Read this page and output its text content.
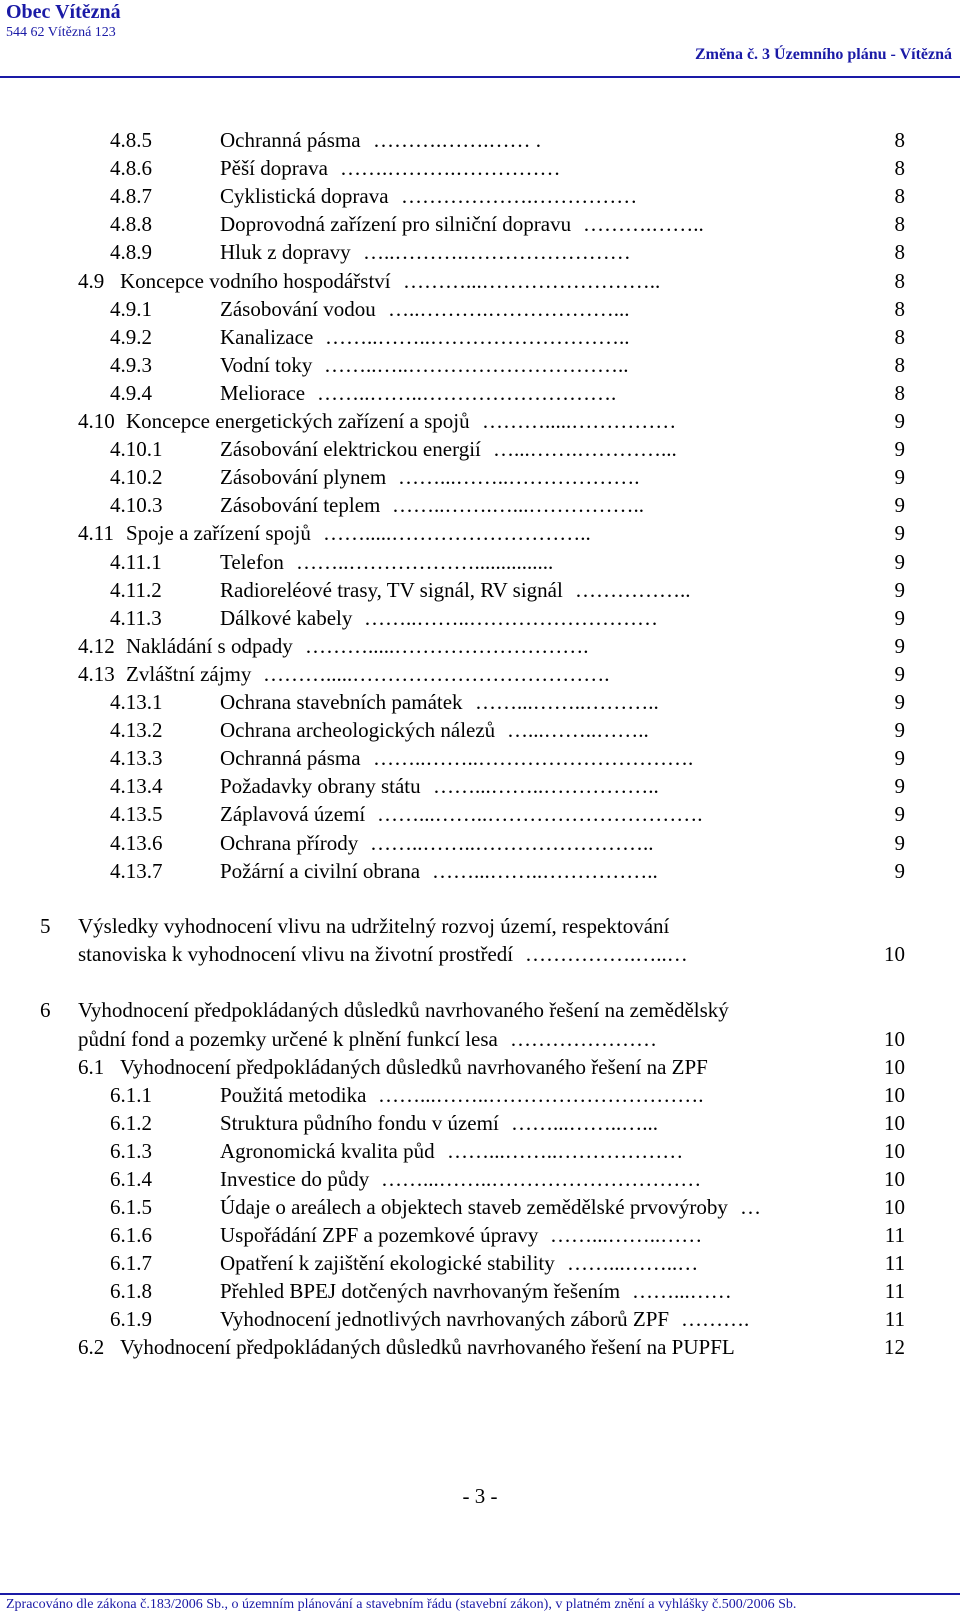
Obec Vítězná
544 62 Vítězná 123
Změna č. 3 Územního plánu - Vítězná
4.8.5	Ochranná pásma ……….…….…… .	8
4.8.6	Pěší doprava …….……….……………	8
4.8.7	Cyklistická doprava ……………….……………	8
4.8.8	Doprovodná zařízení pro silniční dopravu ……….……..	8
4.8.9	Hluk z dopravy …..……….……………………	8
4.9 Koncepce vodního hospodářství ………...……………………..	8
4.9.1	Zásobování vodou …..……….………………...	8
4.9.2	Kanalizace ……..……..………………………..	8
4.9.3	Vodní toky ……..…..…………………………..	8
4.9.4	Meliorace ……..……..……………………….	8
4.10 Koncepce energetických zařízení a spojů ……….....……………	9
4.10.1	Zásobování elektrickou energií …...…….…………...	9
4.10.2	Zásobování plynem ……...……..……………….	9
4.10.3	Zásobování teplem ……..…….…...……………..	9
4.11 Spoje a zařízení spojů …….....………………………..	9
4.11.1	Telefon ……..………………...............	9
4.11.2	Radioreléové trasy, TV signál, RV signál ……………..	9
4.11.3	Dálkové kabely ……..……..………………………	9
4.12 Nakládání s odpady ……….....……………………….	9
4.13 Zvláštní zájmy ……….....……………………………….	9
4.13.1	Ochrana stavebních památek ……...……..………..	9
4.13.2	Ochrana archeologických nálezů …...……..……..	9
4.13.3	Ochranná pásma ……..……..………………………….	9
4.13.4	Požadavky obrany státu ……...……..……………..	9
4.13.5	Záplavová území ……...……..………………………….	9
4.13.6	Ochrana přírody ……..……..……………………..	9
4.13.7	Požární a civilní obrana ……...……..……………..	9
5 Výsledky vyhodnocení vlivu na udržitelný rozvoj území, respektování
stanoviska k vyhodnocení vlivu na životní prostředí …………….…..…	10
6 Vyhodnocení předpokládaných důsledků navrhovaného řešení na zemědělský
půdní fond a pozemky určené k plnění funkcí lesa …………………	10
6.1 Vyhodnocení předpokládaných důsledků navrhovaného řešení na ZPF	10
6.1.1	Použitá metodika ……...……..………………………….	10
6.1.2	Struktura půdního fondu v území ……...……..…...	10
6.1.3	Agronomická kvalita půd ……...……..………………	10
6.1.4	Investice do půdy ……...……..…………………………	10
6.1.5	Údaje o areálech a objektech staveb zemědělské prvovýroby …	10
6.1.6	Uspořádání ZPF a pozemkové úpravy ……...……..……	11
6.1.7	Opatření k zajištění ekologické stability ……...……..…	11
6.1.8	Přehled BPEJ dotčených navrhovaným řešením ……...……	11
6.1.9	Vyhodnocení jednotlivých navrhovaných záborů ZPF ……….	11
6.2 Vyhodnocení předpokládaných důsledků navrhovaného řešení na PUPFL	12
- 3 -
Zpracováno dle zákona č.183/2006 Sb., o územním plánování a stavebním řádu (stavební zákon), v platném znění a vyhlášky č.500/2006 Sb.
